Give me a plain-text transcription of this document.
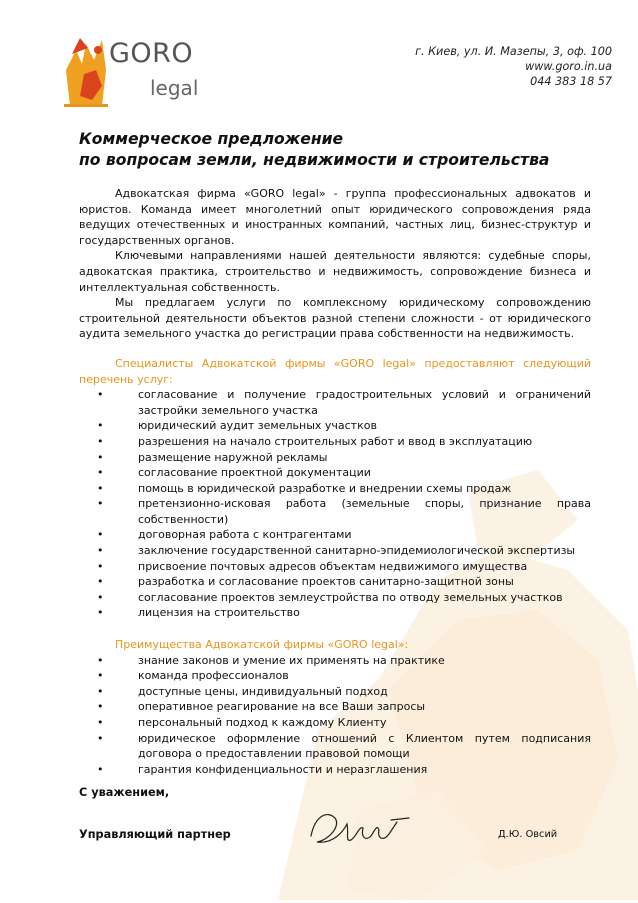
GORO
legal
г. Киев, ул. И. Мазепы, 3, оф. 100
www.goro.in.ua
044 383 18 57
Коммерческое предложение
по вопросам земли, недвижимости и строительства

Адвокатская фирма «GORO legal» - группа профессиональных адвокатов и юристов. Команда имеет многолетний опыт юридического сопровождения ряда ведущих отечественных и иностранных компаний, частных лиц, бизнес-структур и государственных органов.

Ключевыми направлениями нашей деятельности являются: судебные споры, адвокатская практика, строительство и недвижимость, сопровождение бизнеса и интеллектуальная собственность.

Мы предлагаем услуги по комплексному юридическому сопровождению строительной деятельности объектов разной степени сложности - от юридического аудита земельного участка до регистрации права собственности на недвижимость.

Специалисты Адвокатской фирмы «GORO legal» предоставляют следующий перечень услуг:

•	согласование и получение градостроительных условий и ограничений застройки земельного участка
•	юридический аудит земельных участков
•	разрешения на начало строительных работ и ввод в эксплуатацию
•	размещение наружной рекламы
•	согласование проектной документации
•	помощь в юридической разработке и внедрении схемы продаж
•	претензионно-исковая работа (земельные споры, признание права собственности)
•	договорная работа с контрагентами
•	заключение государственной санитарно-эпидемиологической экспертизы
•	присвоение почтовых адресов объектам недвижимого имущества
•	разработка и согласование проектов санитарно-защитной зоны
•	согласование проектов землеустройства по отводу земельных участков
•	лицензия на строительство

Преимущества Адвокатской фирмы «GORO legal»:

•	знание законов и умение их применять на практике
•	команда профессионалов
•	доступные цены, индивидуальный подход
•	оперативное реагирование на все Ваши запросы
•	персональный подход к каждому Клиенту
•	юридическое оформление отношений с Клиентом путем подписания договора о предоставлении правовой помощи
•	гарантия конфиденциальности и неразглашения
С уважением,
Управляющий партнер	Д.Ю. Овсий
